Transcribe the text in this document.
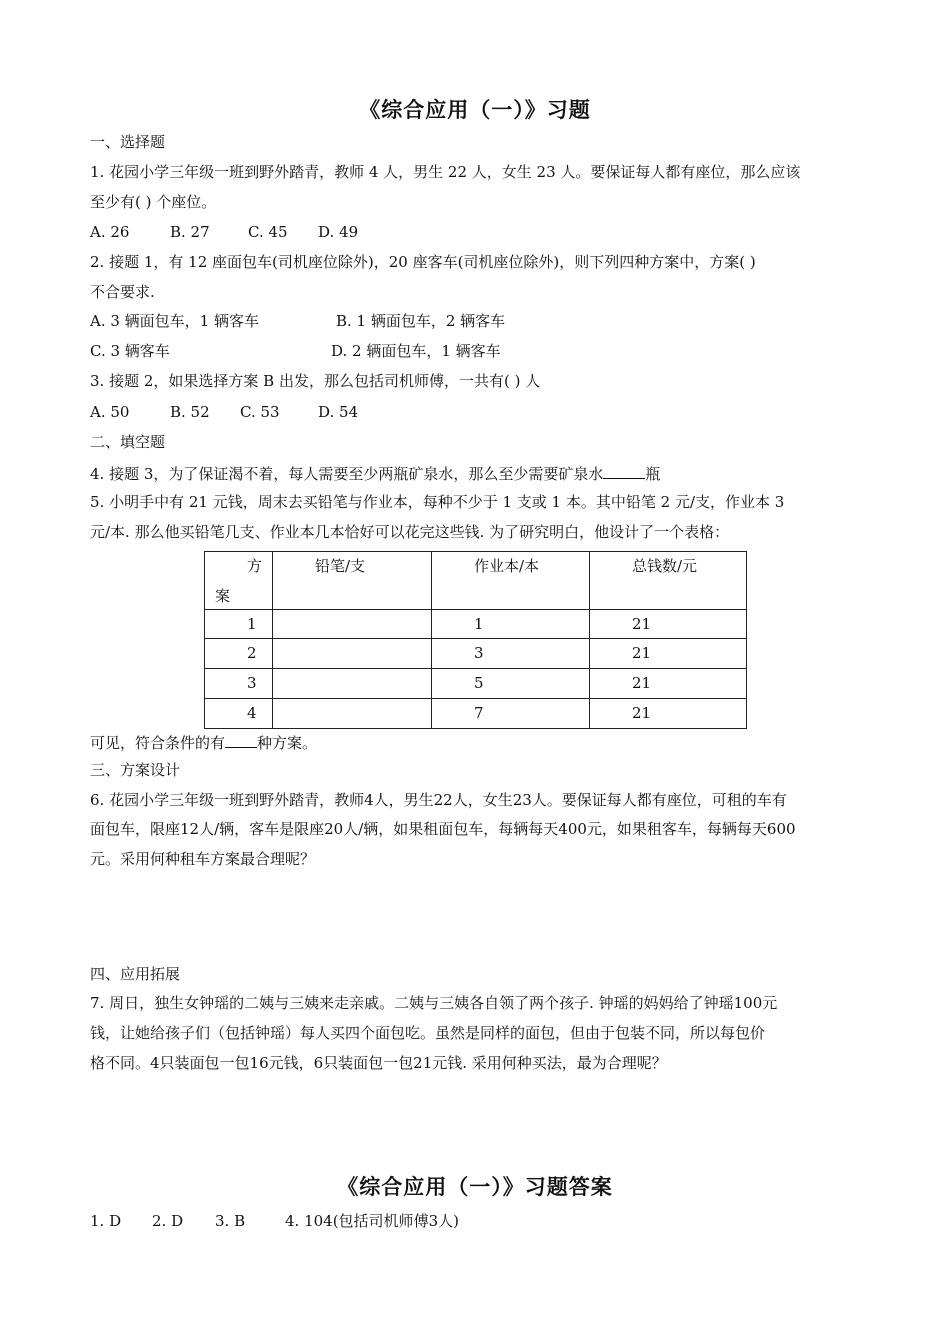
《综合应用（一）》习题
一、选择题
1. 花园小学三年级一班到野外踏青，教师 4 人，男生 22 人，女生 23 人。要保证每人都有座位，那么应该
至少有( ) 个座位。
A. 26	B. 27	C. 45 D. 49
2. 接题 1，有 12 座面包车(司机座位除外)，20 座客车(司机座位除外)，则下列四种方案中，方案( )
不合要求.
A. 3 辆面包车，1 辆客车	B. 1 辆面包车，2 辆客车
C. 3 辆客车	D. 2 辆面包车，1 辆客车
3. 接题 2，如果选择方案 B 出发，那么包括司机师傅，一共有( ) 人
A. 50	B. 52 C. 53	D. 54
二、填空题
4. 接题 3，为了保证渴不着，每人需要至少两瓶矿泉水，那么至少需要矿泉水	瓶
5. 小明手中有 21 元钱，周末去买铅笔与作业本，每种不少于 1 支或 1 本。其中铅笔 2 元/支，作业本 3
元/本. 那么他买铅笔几支、作业本几本恰好可以花完这些钱. 为了研究明白，他设计了一个表格：
方
案	铅笔/支	作业本/本	总钱数/元

1		1	21

2		3	21

3		5	21

4		7	21
可见，符合条件的有 种方案。
三、方案设计
6. 花园小学三年级一班到野外踏青，教师4人，男生22人，女生23人。要保证每人都有座位，可租的车有
面包车，限座12人/辆，客车是限座20人/辆，如果租面包车，每辆每天400元，如果租客车，每辆每天600
元。采用何种租车方案最合理呢？
四、应用拓展
7. 周日，独生女钟瑶的二姨与三姨来走亲戚。二姨与三姨各自领了两个孩子. 钟瑶的妈妈给了钟瑶100元
钱，让她给孩子们（包括钟瑶）每人买四个面包吃。虽然是同样的面包，但由于包装不同，所以每包价
格不同。4只装面包一包16元钱，6只装面包一包21元钱. 采用何种买法，最为合理呢？
《综合应用（一）》习题答案
1. D 2. D 3. B	4. 104(包括司机师傅3人)
